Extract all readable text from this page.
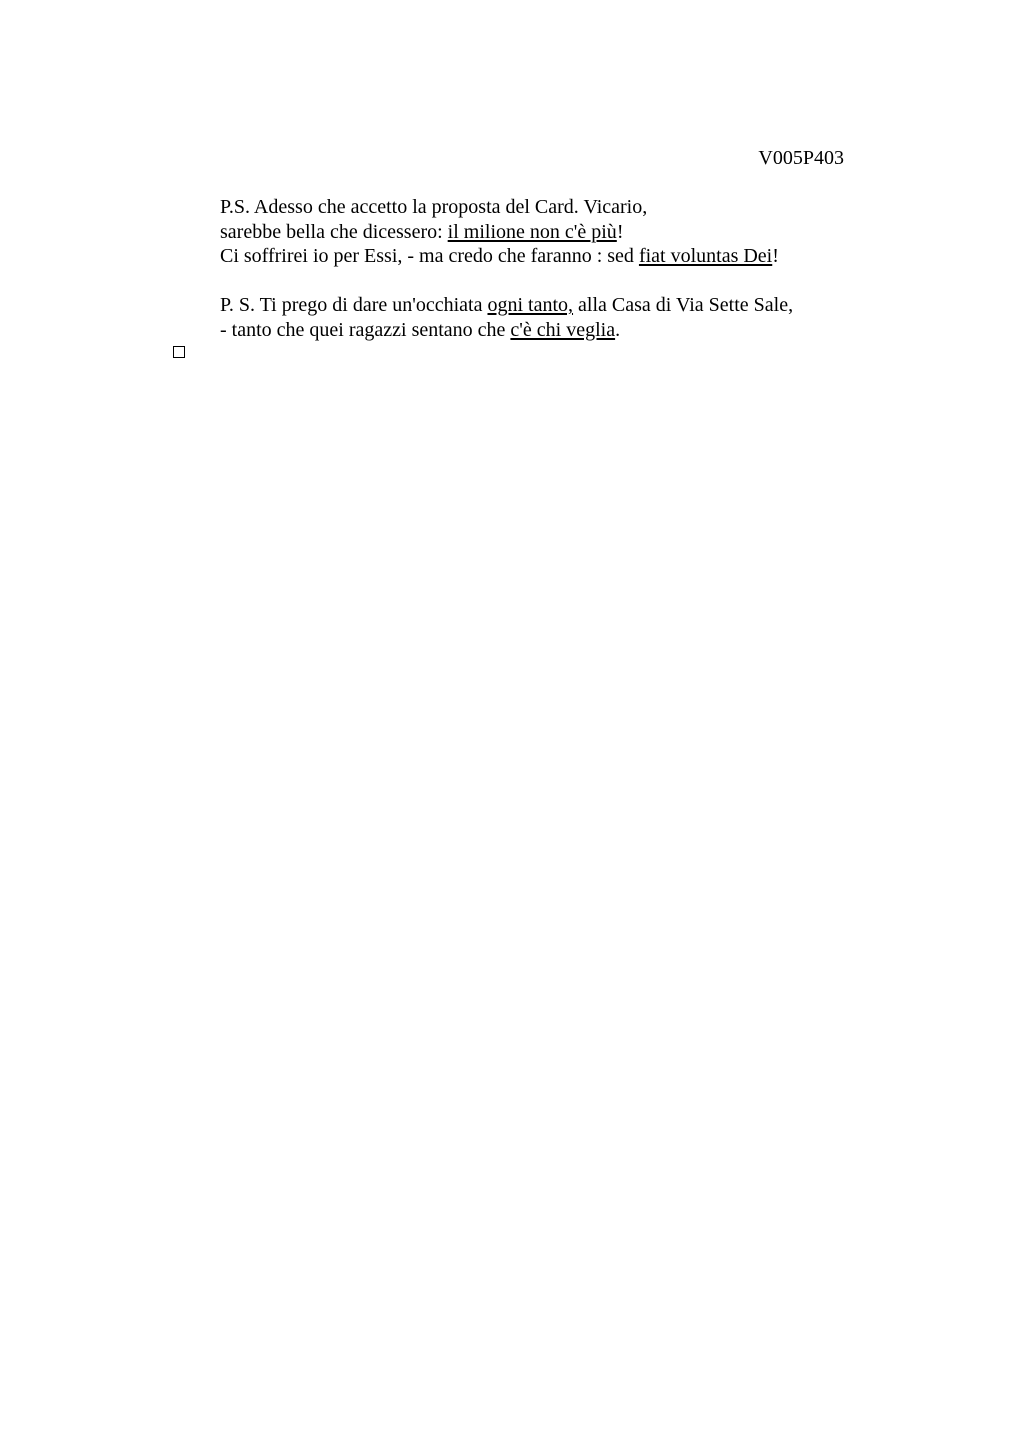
V005P403
P.S. Adesso che accetto la proposta del Card. Vicario,
sarebbe bella che dicessero: il milione non c'è più!
Ci soffrirei io per Essi, - ma credo che faranno : sed fiat voluntas Dei!
P. S. Ti prego di dare un'occhiata ogni tanto, alla Casa di Via Sette Sale,
- tanto che quei ragazzi sentano che c'è chi veglia.
